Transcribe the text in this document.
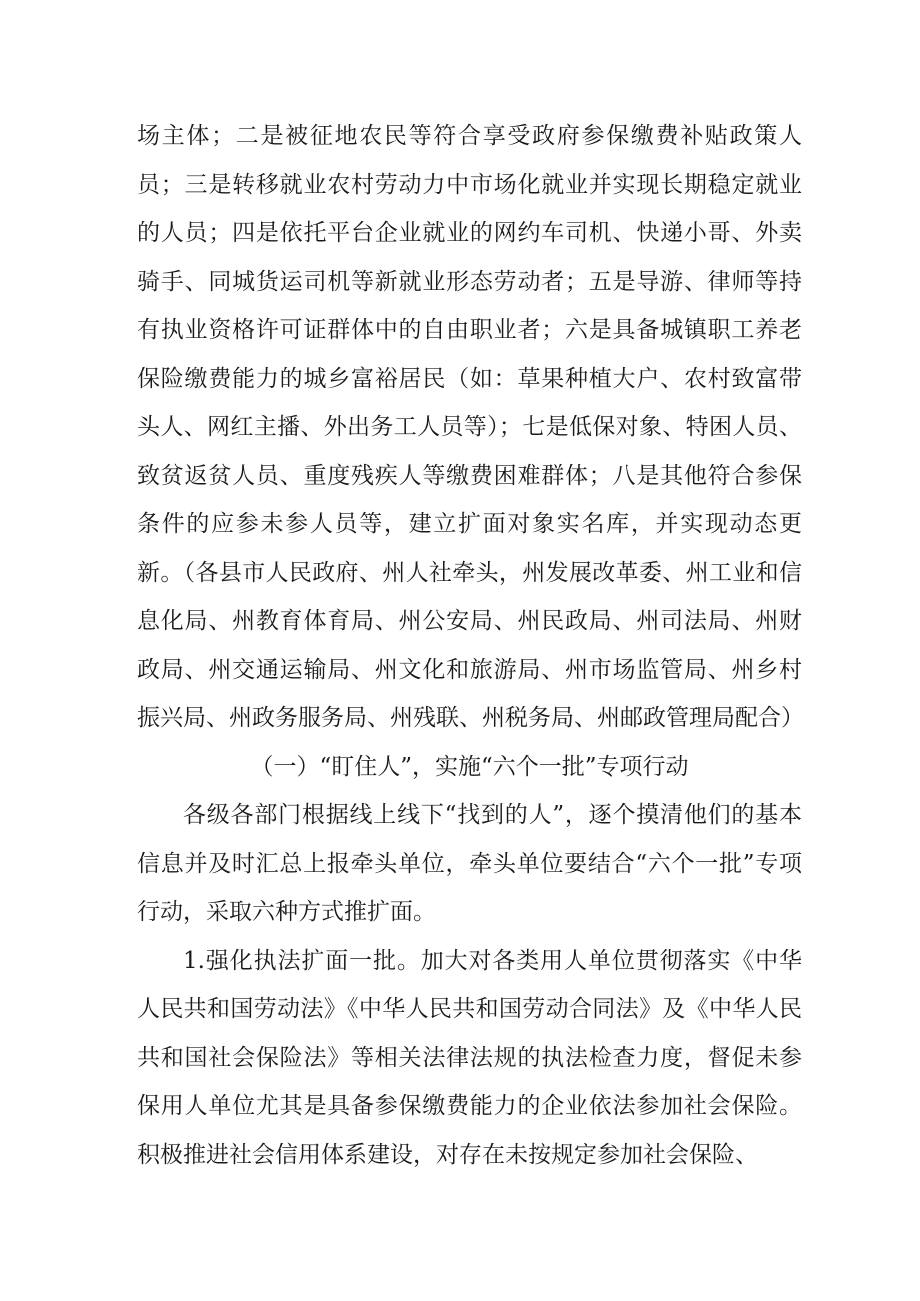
场主体；二是被征地农民等符合享受政府参保缴费补贴政策人员；三是转移就业农村劳动力中市场化就业并实现长期稳定就业的人员；四是依托平台企业就业的网约车司机、快递小哥、外卖骑手、同城货运司机等新就业形态劳动者；五是导游、律师等持有执业资格许可证群体中的自由职业者；六是具备城镇职工养老保险缴费能力的城乡富裕居民（如：草果种植大户、农村致富带头人、网红主播、外出务工人员等）；七是低保对象、特困人员、致贫返贫人员、重度残疾人等缴费困难群体；八是其他符合参保条件的应参未参人员等，建立扩面对象实名库，并实现动态更新。（各县市人民政府、州人社牵头，州发展改革委、州工业和信息化局、州教育体育局、州公安局、州民政局、州司法局、州财政局、州交通运输局、州文化和旅游局、州市场监管局、州乡村振兴局、州政务服务局、州残联、州税务局、州邮政管理局配合）

（一）“盯住人”，实施“六个一批”专项行动

各级各部门根据线上线下“找到的人”，逐个摸清他们的基本信息并及时汇总上报牵头单位，牵头单位要结合“六个一批”专项行动，采取六种方式推扩面。

1.强化执法扩面一批。加大对各类用人单位贯彻落实《中华人民共和国劳动法》《中华人民共和国劳动合同法》及《中华人民共和国社会保险法》等相关法律法规的执法检查力度，督促未参保用人单位尤其是具备参保缴费能力的企业依法参加社会保险。积极推进社会信用体系建设，对存在未按规定参加社会保险、
